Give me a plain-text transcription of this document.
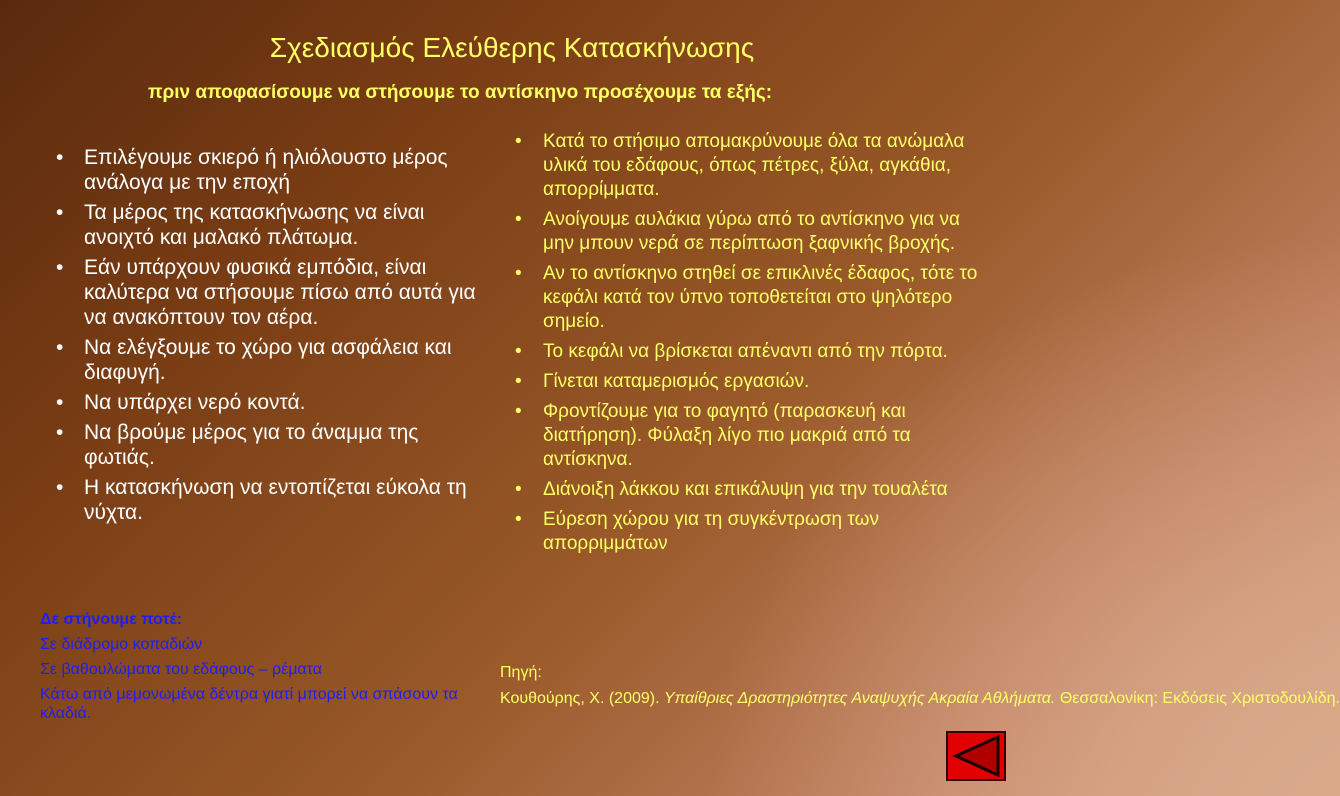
Σχεδιασμός Ελεύθερης Κατασκήνωσης

πριν αποφασίσουμε να στήσουμε το αντίσκηνο προσέχουμε τα εξής:

• Επιλέγουμε σκιερό ή ηλιόλουστο μέρος ανάλογα με την εποχή
• Τα μέρος της κατασκήνωσης να είναι ανοιχτό και μαλακό πλάτωμα.
• Εάν υπάρχουν φυσικά εμπόδια, είναι καλύτερα να στήσουμε πίσω από αυτά για να ανακόπτουν τον αέρα.
• Να ελέγξουμε το χώρο για ασφάλεια και διαφυγή.
• Να υπάρχει νερό κοντά.
• Να βρούμε μέρος για το άναμμα της φωτιάς.
• Η κατασκήνωση να εντοπίζεται εύκολα τη νύχτα.
• Κατά το στήσιμο απομακρύνουμε όλα τα ανώμαλα υλικά του εδάφους, όπως πέτρες, ξύλα, αγκάθια, απορρίμματα.
• Ανοίγουμε αυλάκια γύρω από το αντίσκηνο για να μην μπουν νερά σε περίπτωση ξαφνικής βροχής.
• Αν το αντίσκηνο στηθεί σε επικλινές έδαφος, τότε το κεφάλι κατά τον ύπνο τοποθετείται στο ψηλότερο σημείο.
• Το κεφάλι να βρίσκεται απέναντι από την πόρτα.
• Γίνεται καταμερισμός εργασιών.
• Φροντίζουμε για το φαγητό (παρασκευή και διατήρηση). Φύλαξη λίγο πιο μακριά από τα αντίσκηνα.
• Διάνοιξη λάκκου και επικάλυψη για την τουαλέτα
• Εύρεση χώρου για τη συγκέντρωση των απορριμμάτων
Δε στήνουμε ποτέ:
Σε διάδρομο κοπαδιών
Σε βαθουλώματα του εδάφους – ρέματα
Κάτω από μεμονωμένα δέντρα γιατί μπορεί να σπάσουν τα κλαδιά.
Πηγή:
Κουθούρης, Χ. (2009). Υπαίθριες Δραστηριότητες Αναψυχής Ακραία Αθλήματα. Θεσσαλονίκη: Εκδόσεις Χριστοδουλίδη.
